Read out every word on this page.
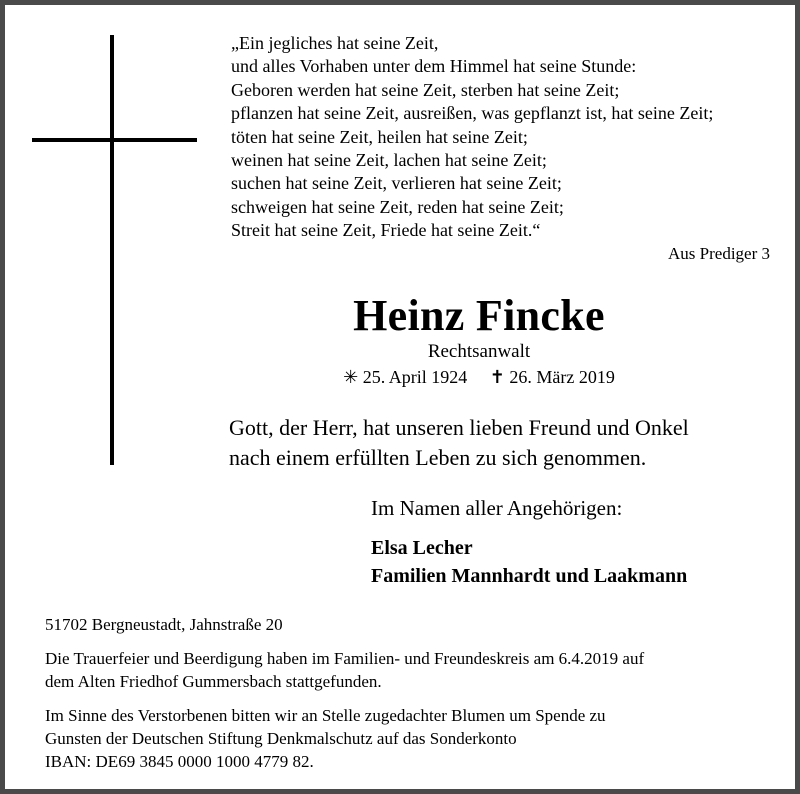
„Ein jegliches hat seine Zeit,
und alles Vorhaben unter dem Himmel hat seine Stunde:
Geboren werden hat seine Zeit, sterben hat seine Zeit;
pflanzen hat seine Zeit, ausreißen, was gepflanzt ist, hat seine Zeit;
töten hat seine Zeit, heilen hat seine Zeit;
weinen hat seine Zeit, lachen hat seine Zeit;
suchen hat seine Zeit, verlieren hat seine Zeit;
schweigen hat seine Zeit, reden hat seine Zeit;
Streit hat seine Zeit, Friede hat seine Zeit.“
Aus Prediger 3
Heinz Fincke
Rechtsanwalt
✳ 25. April 1924 ✝ 26. März 2019
Gott, der Herr, hat unseren lieben Freund und Onkel
nach einem erfüllten Leben zu sich genommen.
Im Namen aller Angehörigen:
Elsa Lecher
Familien Mannhardt und Laakmann
51702 Bergneustadt, Jahnstraße 20
Die Trauerfeier und Beerdigung haben im Familien- und Freundeskreis am 6.4.2019 auf
dem Alten Friedhof Gummersbach stattgefunden.
Im Sinne des Verstorbenen bitten wir an Stelle zugedachter Blumen um Spende zu
Gunsten der Deutschen Stiftung Denkmalschutz auf das Sonderkonto
IBAN: DE69 3845 0000 1000 4779 82.
